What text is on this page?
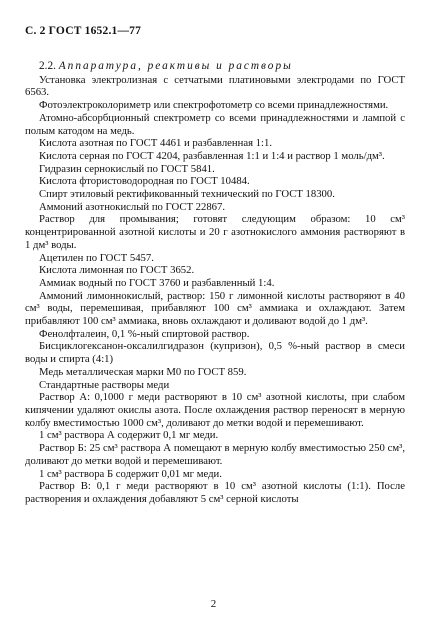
С. 2 ГОСТ 1652.1—77

2.2. Аппаратура, реактивы и растворы

Установка электролизная с сетчатыми платиновыми электродами по ГОСТ 6563.

Фотоэлектроколориметр или спектрофотометр со всеми принадлежностями.

Атомно-абсорбционный спектрометр со всеми принадлежностями и лампой с полым катодом на медь.

Кислота азотная по ГОСТ 4461 и разбавленная 1:1.

Кислота серная по ГОСТ 4204, разбавленная 1:1 и 1:4 и раствор 1 моль/дм³.

Гидразин сернокислый по ГОСТ 5841.

Кислота фтористоводородная по ГОСТ 10484.

Спирт этиловый ректификованный технический по ГОСТ 18300.

Аммоний азотнокислый по ГОСТ 22867.

Раствор для промывания; готовят следующим образом: 10 см³ концентрированной азотной кислоты и 20 г азотнокислого аммония растворяют в 1 дм³ воды.

Ацетилен по ГОСТ 5457.

Кислота лимонная по ГОСТ 3652.

Аммиак водный по ГОСТ 3760 и разбавленный 1:4.

Аммоний лимоннокислый, раствор: 150 г лимонной кислоты растворяют в 40 см³ воды, перемешивая, прибавляют 100 см³ аммиака и охлаждают. Затем прибавляют 100 см³ аммиака, вновь охлаждают и доливают водой до 1 дм³.

Фенолфталеин, 0,1 %-ный спиртовой раствор.

Бисциклогексанон-оксалилгидразон (купризон), 0,5 %-ный раствор в смеси воды и спирта (4:1)

Медь металлическая марки М0 по ГОСТ 859.

Стандартные растворы меди

Раствор А: 0,1000 г меди растворяют в 10 см³ азотной кислоты, при слабом кипячении удаляют окислы азота. После охлаждения раствор переносят в мерную колбу вместимостью 1000 см³, доливают до метки водой и перемешивают.

1 см³ раствора А содержит 0,1 мг меди.

Раствор Б: 25 см³ раствора А помещают в мерную колбу вместимостью 250 см³, доливают до метки водой и перемешивают.

1 см³ раствора Б содержит 0,01 мг меди.

Раствор В: 0,1 г меди растворяют в 10 см³ азотной кислоты (1:1). После растворения и охлаждения добавляют 5 см³ серной кислоты

2
